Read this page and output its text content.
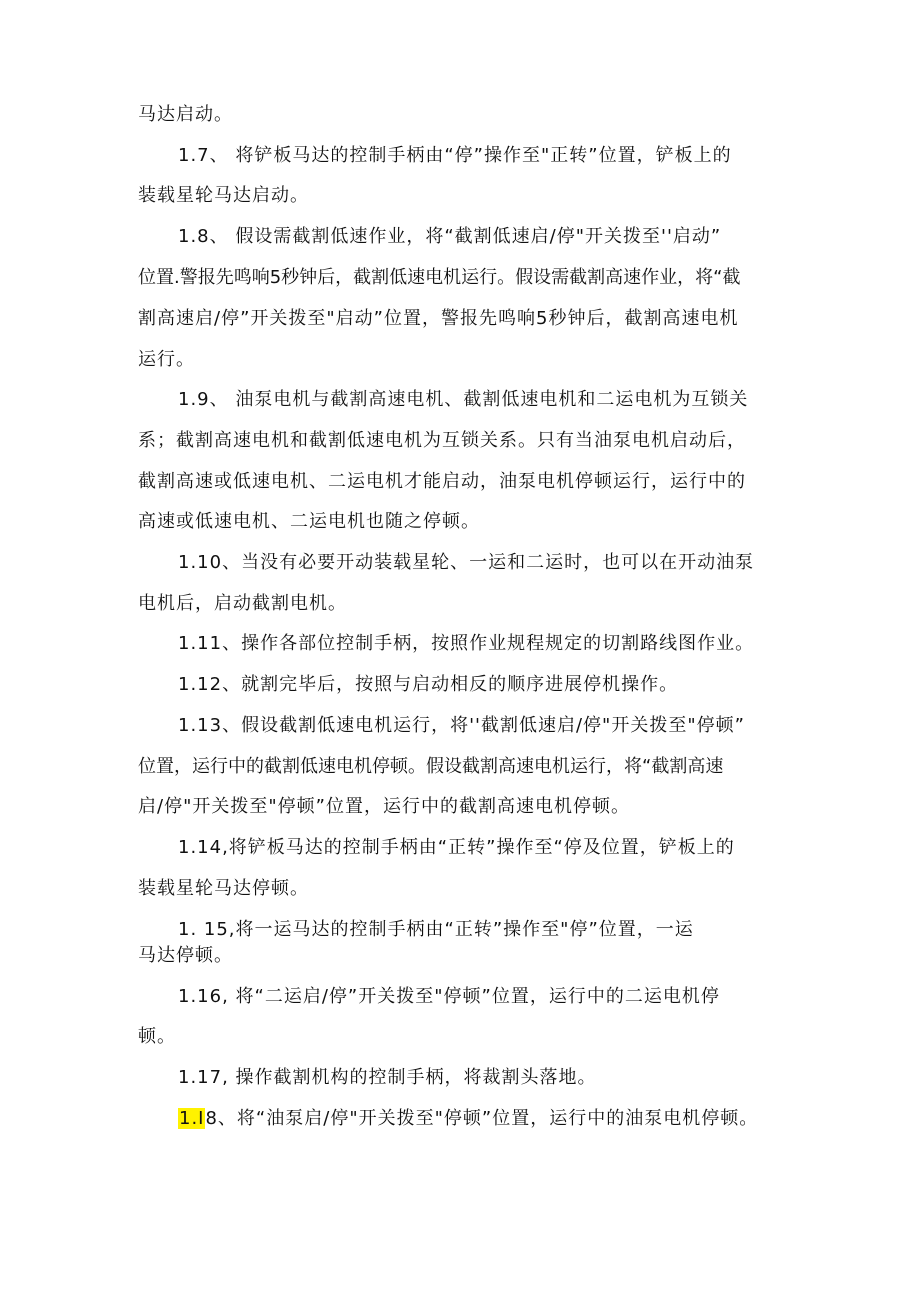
马达启动。
1.7、 将铲板马达的控制手柄由“停”操作至"正转”位置，铲板上的
装载星轮马达启动。
1.8、 假设需截割低速作业，将“截割低速启/停"开关拨至''启动”
位置.警报先鸣响5秒钟后，截割低速电机运行。假设需截割高速作业，将“截
割高速启/停”开关拨至"启动”位置，警报先鸣响5秒钟后，截割高速电机
运行。
1.9、 油泵电机与截割高速电机、截割低速电机和二运电机为互锁关
系；截割高速电机和截割低速电机为互锁关系。只有当油泵电机启动后，
截割高速或低速电机、二运电机才能启动，油泵电机停顿运行，运行中的
高速或低速电机、二运电机也随之停顿。
1.10、当没有必要开动装载星轮、一运和二运时，也可以在开动油泵
电机后，启动截割电机。
1.11、操作各部位控制手柄，按照作业规程规定的切割路线图作业。
1.12、就割完毕后，按照与启动相反的顺序进展停机操作。
1.13、假设截割低速电机运行，将''截割低速启/停"开关拨至"停顿”
位置，运行中的截割低速电机停顿。假设截割高速电机运行，将“截割高速
启/停"开关拨至"停顿”位置，运行中的截割高速电机停顿。
1.14,将铲板马达的控制手柄由“正转”操作至“停及位置，铲板上的
装载星轮马达停顿。
1. 15,将一运马达的控制手柄由“正转”操作至"停”位置，一运
马达停顿。
1.16, 将“二运启/停”开关拨至"停顿”位置，运行中的二运电机停
顿。
1.17, 操作截割机构的控制手柄，将裁割头落地。
1.I8、将“油泵启/停"开关拨至"停顿”位置，运行中的油泵电机停顿。
